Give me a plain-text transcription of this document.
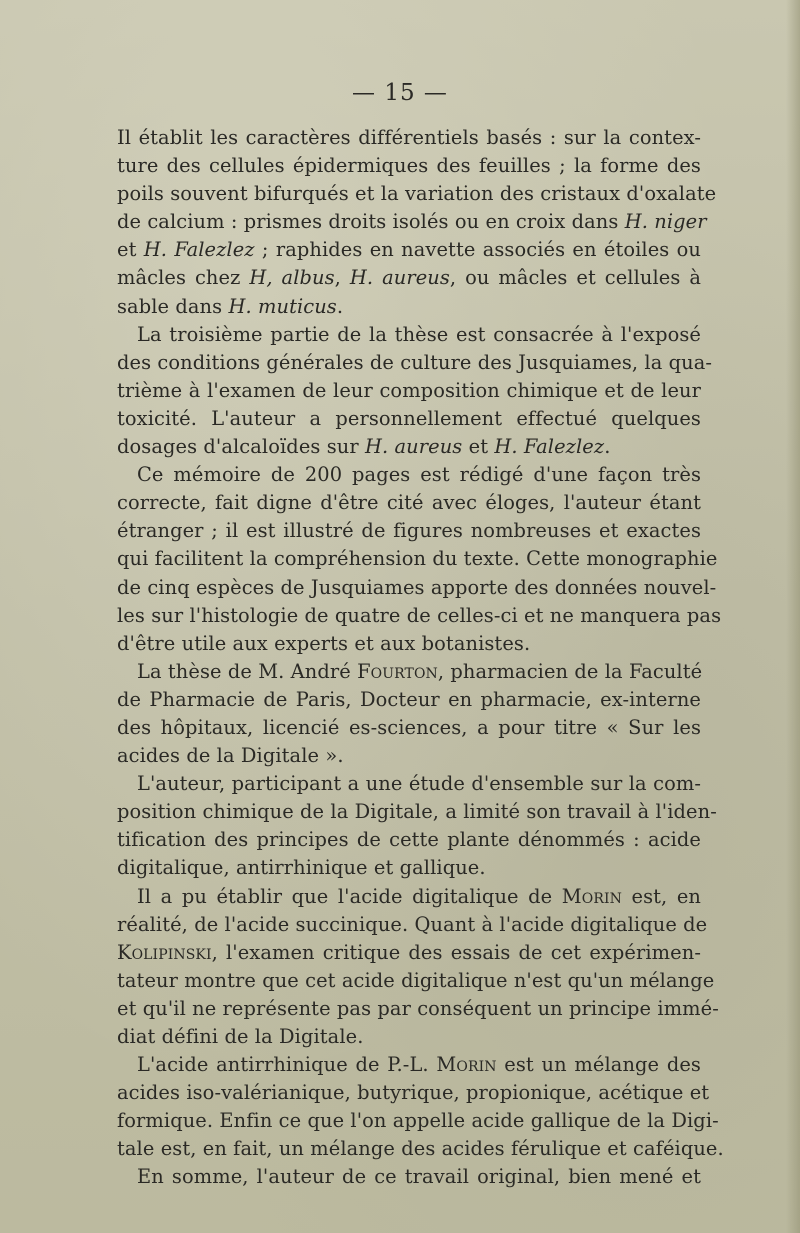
— 15 —
Il établit les caractères différentiels basés : sur la contex-
ture des cellules épidermiques des feuilles ; la forme des
poils souvent bifurqués et la variation des cristaux d'oxalate
de calcium : prismes droits isolés ou en croix dans H. niger
et H. Falezlez ; raphides en navette associés en étoiles ou
mâcles chez H, albus, H. aureus, ou mâcles et cellules à
sable dans H. muticus.
La troisième partie de la thèse est consacrée à l'exposé
des conditions générales de culture des Jusquiames, la qua-
trième à l'examen de leur composition chimique et de leur
toxicité. L'auteur a personnellement effectué quelques
dosages d'alcaloïdes sur H. aureus et H. Falezlez.
Ce mémoire de 200 pages est rédigé d'une façon très
correcte, fait digne d'être cité avec éloges, l'auteur étant
étranger ; il est illustré de figures nombreuses et exactes
qui facilitent la compréhension du texte. Cette monographie
de cinq espèces de Jusquiames apporte des données nouvel-
les sur l'histologie de quatre de celles-ci et ne manquera pas
d'être utile aux experts et aux botanistes.
La thèse de M. André Fourton, pharmacien de la Faculté
de Pharmacie de Paris, Docteur en pharmacie, ex-interne
des hôpitaux, licencié es-sciences, a pour titre « Sur les
acides de la Digitale ».
L'auteur, participant a une étude d'ensemble sur la com-
position chimique de la Digitale, a limité son travail à l'iden-
tification des principes de cette plante dénommés : acide
digitalique, antirrhinique et gallique.
Il a pu établir que l'acide digitalique de Morin est, en
réalité, de l'acide succinique. Quant à l'acide digitalique de
Kolipinski, l'examen critique des essais de cet expérimen-
tateur montre que cet acide digitalique n'est qu'un mélange
et qu'il ne représente pas par conséquent un principe immé-
diat défini de la Digitale.
L'acide antirrhinique de P.-L. Morin est un mélange des
acides iso-valérianique, butyrique, propionique, acétique et
formique. Enfin ce que l'on appelle acide gallique de la Digi-
tale est, en fait, un mélange des acides férulique et caféique.
En somme, l'auteur de ce travail original, bien mené et
